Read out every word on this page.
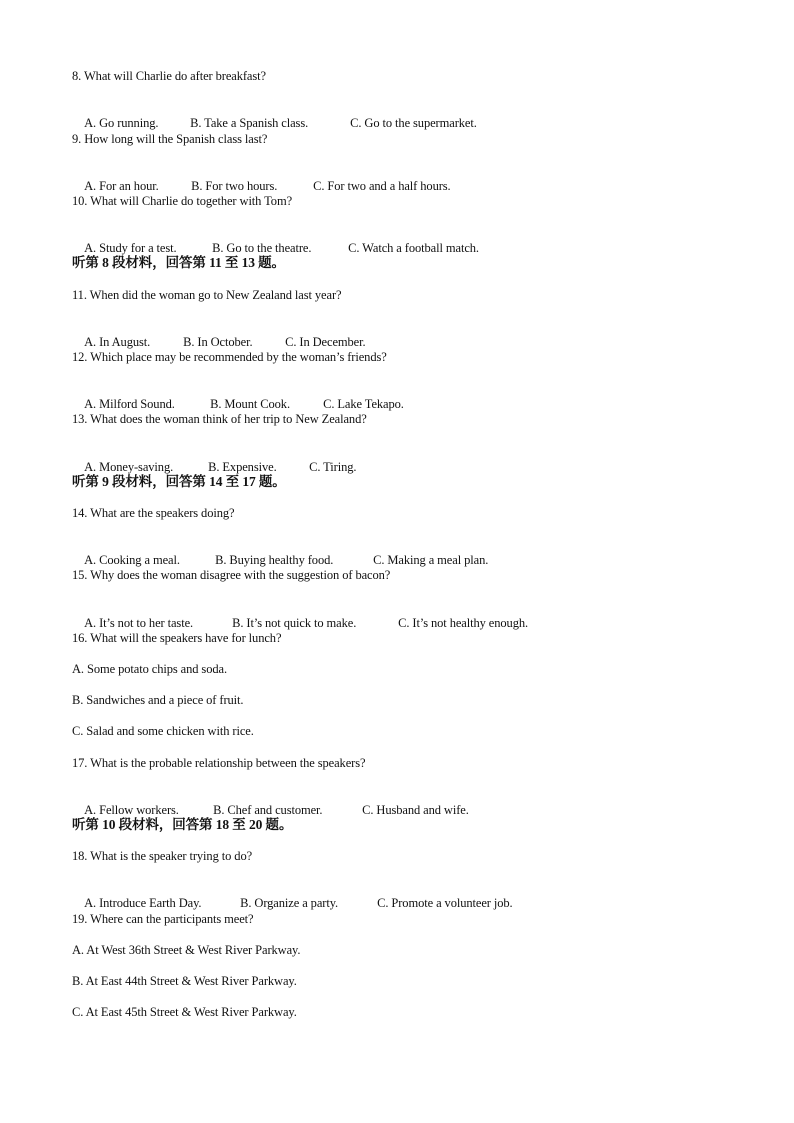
8. What will Charlie do after breakfast?

A. Go running.	B. Take a Spanish class.	C. Go to the supermarket.

9. How long will the Spanish class last?

A. For an hour.	B. For two hours.	C. For two and a half hours.

10. What will Charlie do together with Tom?

A. Study for a test.	B. Go to the theatre.	C. Watch a football match.

听第 8 段材料，回答第 11 至 13 题。
11. When did the woman go to New Zealand last year?

A. In August.	B. In October.	C. In December.

12. Which place may be recommended by the woman’s friends?

A. Milford Sound.	B. Mount Cook.	C. Lake Tekapo.

13. What does the woman think of her trip to New Zealand?

A. Money-saving.	B. Expensive.	C. Tiring.

听第 9 段材料，回答第 14 至 17 题。
14. What are the speakers doing?

A. Cooking a meal.	B. Buying healthy food.	C. Making a meal plan.

15. Why does the woman disagree with the suggestion of bacon?

A. It’s not to her taste.	B. It’s not quick to make.	C. It’s not healthy enough.

16. What will the speakers have for lunch?
A. Some potato chips and soda.
B. Sandwiches and a piece of fruit.
C. Salad and some chicken with rice.
17. What is the probable relationship between the speakers?

A. Fellow workers.	B. Chef and customer.	C. Husband and wife.

听第 10 段材料，回答第 18 至 20 题。
18. What is the speaker trying to do?

A. Introduce Earth Day.	B. Organize a party.	C. Promote a volunteer job.

19. Where can the participants meet?
A. At West 36th Street & West River Parkway.
B. At East 44th Street & West River Parkway.
C. At East 45th Street & West River Parkway.
